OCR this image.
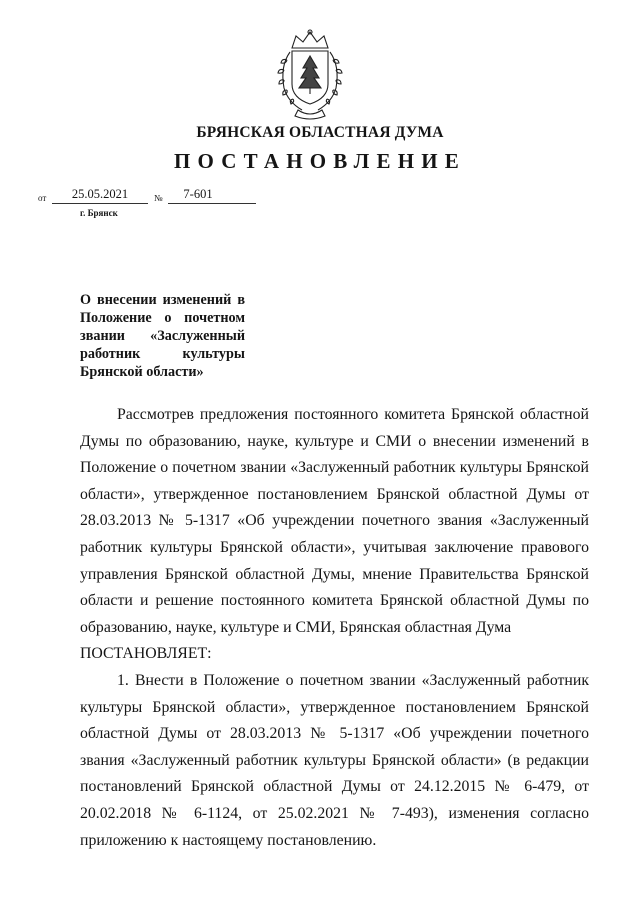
БРЯНСКАЯ ОБЛАСТНАЯ ДУМА
ПОСТАНОВЛЕНИЕ
от	25.05.2021	№	7-601
г. Брянск
О внесении изменений в Положение о почетном звании «Заслуженный работник культуры Брянской области»

Рассмотрев предложения постоянного комитета Брянской областной Думы по образованию, науке, культуре и СМИ о внесении изменений в Положение о почетном звании «Заслуженный работник культуры Брянской области», утвержденное постановлением Брянской областной Думы от 28.03.2013 № 5-1317 «Об учреждении почетного звания «Заслуженный работник культуры Брянской области», учитывая заключение правового управления Брянской областной Думы, мнение Правительства Брянской области и решение постоянного комитета Брянской областной Думы по образованию, науке, культуре и СМИ, Брянская областная Дума

ПОСТАНОВЛЯЕТ:

1. Внести в Положение о почетном звании «Заслуженный работник культуры Брянской области», утвержденное постановлением Брянской областной Думы от 28.03.2013 № 5-1317 «Об учреждении почетного звания «Заслуженный работник культуры Брянской области» (в редакции постановлений Брянской областной Думы от 24.12.2015 № 6-479, от 20.02.2018 № 6-1124, от 25.02.2021 № 7-493), изменения согласно приложению к настоящему постановлению.
